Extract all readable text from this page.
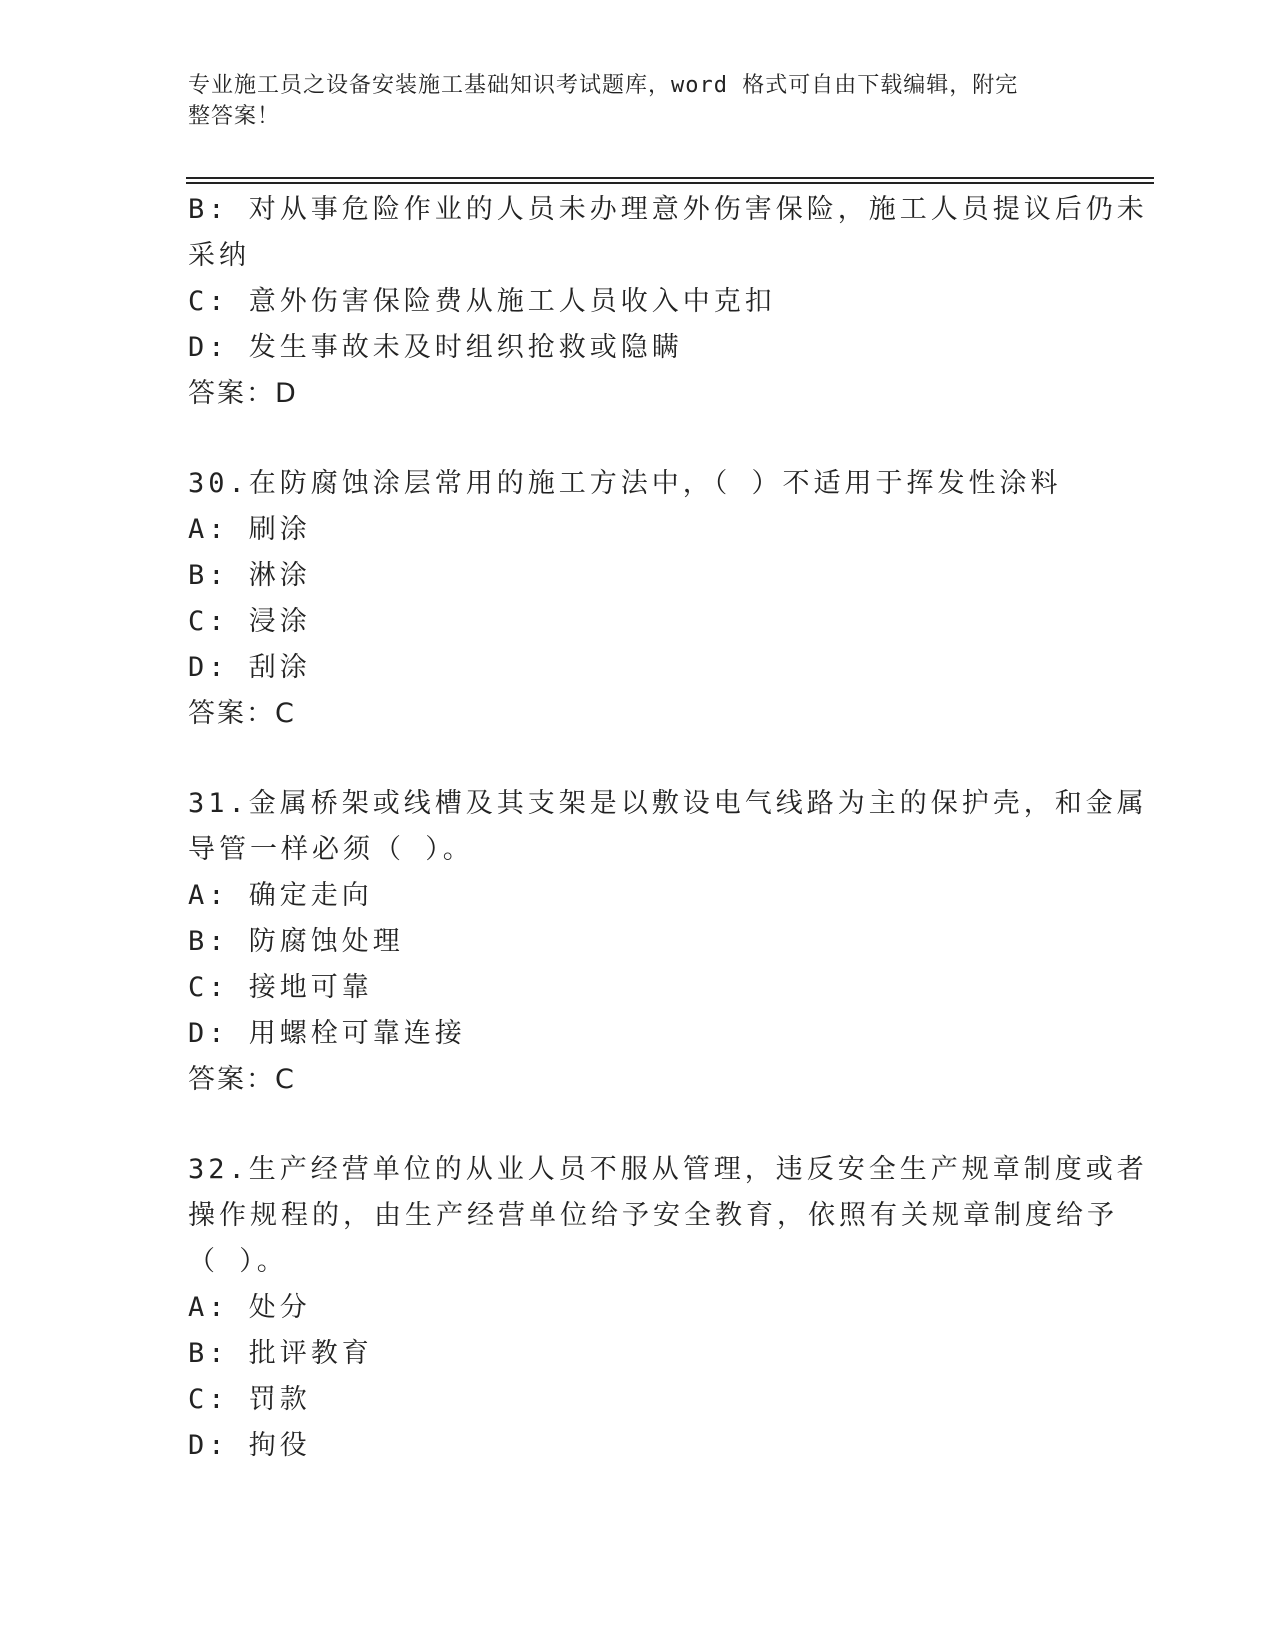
专业施工员之设备安装施工基础知识考试题库，word 格式可自由下载编辑，附完
整答案！
B: 对从事危险作业的人员未办理意外伤害保险，施工人员提议后仍未
采纳
C: 意外伤害保险费从施工人员收入中克扣
D: 发生事故未及时组织抢救或隐瞒
答案：D
30.在防腐蚀涂层常用的施工方法中，（ ）不适用于挥发性涂料
A: 刷涂
B: 淋涂
C: 浸涂
D: 刮涂
答案：C
31.金属桥架或线槽及其支架是以敷设电气线路为主的保护壳，和金属
导管一样必须（ ）。
A: 确定走向
B: 防腐蚀处理
C: 接地可靠
D: 用螺栓可靠连接
答案：C
32.生产经营单位的从业人员不服从管理，违反安全生产规章制度或者
操作规程的，由生产经营单位给予安全教育，依照有关规章制度给予
（ ）。
A: 处分
B: 批评教育
C: 罚款
D: 拘役
